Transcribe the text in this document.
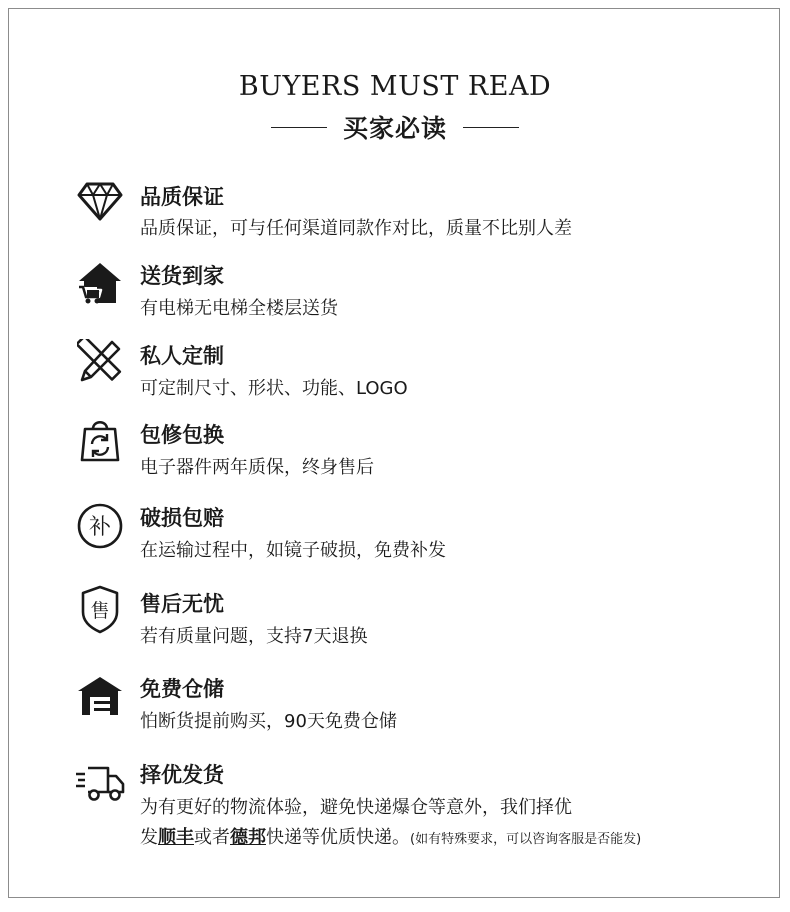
BUYERS MUST READ
买家必读
品质保证
品质保证，可与任何渠道同款作对比，质量不比别人差
送货到家
有电梯无电梯全楼层送货
私人定制
可定制尺寸、形状、功能、LOGO
包修包换
电子器件两年质保，终身售后
补 破损包赔
在运输过程中，如镜子破损，免费补发
售 售后无忧
若有质量问题，支持7天退换
免费仓储
怕断货提前购买，90天免费仓储
择优发货
为有更好的物流体验，避免快递爆仓等意外，我们择优
发顺丰或者德邦快递等优质快递。(如有特殊要求，可以咨询客服是否能发)
